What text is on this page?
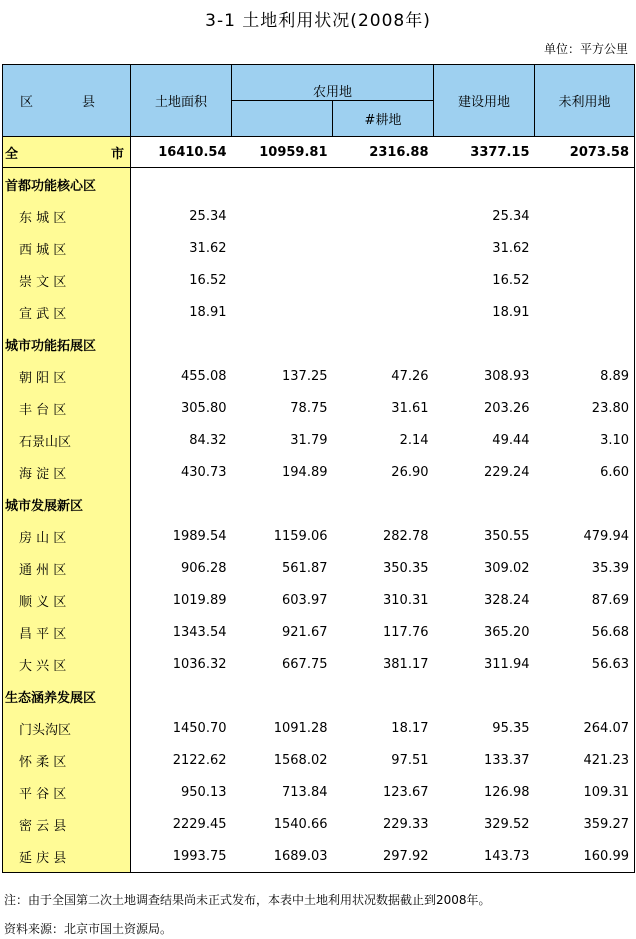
3-1 土地利用状况(2008年)
单位：平方公里
区　县	土地面积	农用地		建设用地	未利用地
			#耕地		
全　市	16410.54	10959.81	2316.88	3377.15	2073.58
首都功能核心区					
东 城 区	25.34			25.34	
西 城 区	31.62			31.62	
崇 文 区	16.52			16.52	
宣 武 区	18.91			18.91	
城市功能拓展区					
朝 阳 区	455.08	137.25	47.26	308.93	8.89
丰 台 区	305.80	78.75	31.61	203.26	23.80
石景山区	84.32	31.79	2.14	49.44	3.10
海 淀 区	430.73	194.89	26.90	229.24	6.60
城市发展新区					
房 山 区	1989.54	1159.06	282.78	350.55	479.94
通 州 区	906.28	561.87	350.35	309.02	35.39
顺 义 区	1019.89	603.97	310.31	328.24	87.69
昌 平 区	1343.54	921.67	117.76	365.20	56.68
大 兴 区	1036.32	667.75	381.17	311.94	56.63
生态涵养发展区					
门头沟区	1450.70	1091.28	18.17	95.35	264.07
怀 柔 区	2122.62	1568.02	97.51	133.37	421.23
平 谷 区	950.13	713.84	123.67	126.98	109.31
密 云 县	2229.45	1540.66	229.33	329.52	359.27
延 庆 县	1993.75	1689.03	297.92	143.73	160.99
注：由于全国第二次土地调查结果尚未正式发布，本表中土地利用状况数据截止到2008年。
资料来源：北京市国土资源局。
